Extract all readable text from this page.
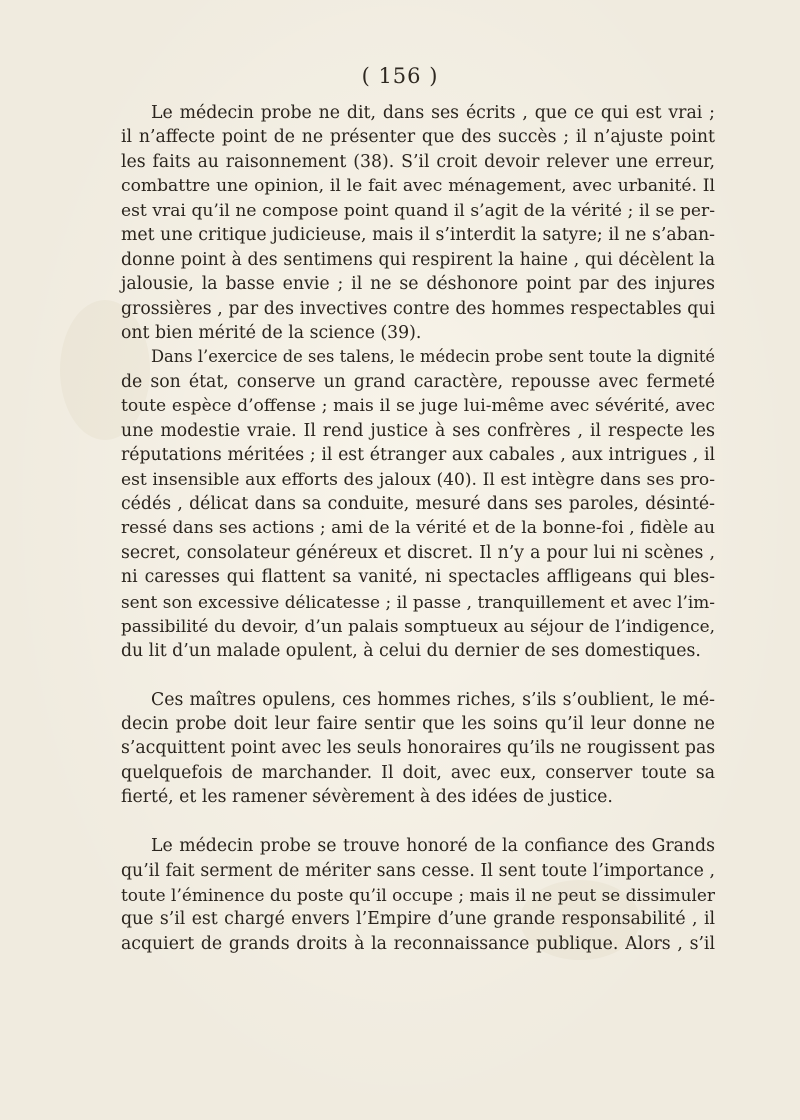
( 156 )
Le médecin probe ne dit, dans ses écrits , que ce qui est vrai ;
il n’affecte point de ne présenter que des succès ; il n’ajuste point
les faits au raisonnement (38). S’il croit devoir relever une erreur,
combattre une opinion, il le fait avec ménagement, avec urbanité. Il
est vrai qu’il ne compose point quand il s’agit de la vérité ; il se per-
met une critique judicieuse, mais il s’interdit la satyre; il ne s’aban-
donne point à des sentimens qui respirent la haine , qui décèlent la
jalousie, la basse envie ; il ne se déshonore point par des injures
grossières , par des invectives contre des hommes respectables qui
ont bien mérité de la science (39).
Dans l’exercice de ses talens, le médecin probe sent toute la dignité
de son état, conserve un grand caractère, repousse avec fermeté
toute espèce d’offense ; mais il se juge lui-même avec sévérité, avec
une modestie vraie. Il rend justice à ses confrères , il respecte les
réputations méritées ; il est étranger aux cabales , aux intrigues , il
est insensible aux efforts des jaloux (40). Il est intègre dans ses pro-
cédés , délicat dans sa conduite, mesuré dans ses paroles, désinté-
ressé dans ses actions ; ami de la vérité et de la bonne-foi , fidèle au
secret, consolateur généreux et discret. Il n’y a pour lui ni scènes ,
ni caresses qui flattent sa vanité, ni spectacles affligeans qui bles-
sent son excessive délicatesse ; il passe , tranquillement et avec l’im-
passibilité du devoir, d’un palais somptueux au séjour de l’indigence,
du lit d’un malade opulent, à celui du dernier de ses domestiques.
Ces maîtres opulens, ces hommes riches, s’ils s’oublient, le mé-
decin probe doit leur faire sentir que les soins qu’il leur donne ne
s’acquittent point avec les seuls honoraires qu’ils ne rougissent pas
quelquefois de marchander. Il doit, avec eux, conserver toute sa
fierté, et les ramener sévèrement à des idées de justice.
Le médecin probe se trouve honoré de la confiance des Grands
qu’il fait serment de mériter sans cesse. Il sent toute l’importance ,
toute l’éminence du poste qu’il occupe ; mais il ne peut se dissimuler
que s’il est chargé envers l’Empire d’une grande responsabilité , il
acquiert de grands droits à la reconnaissance publique. Alors , s’il
